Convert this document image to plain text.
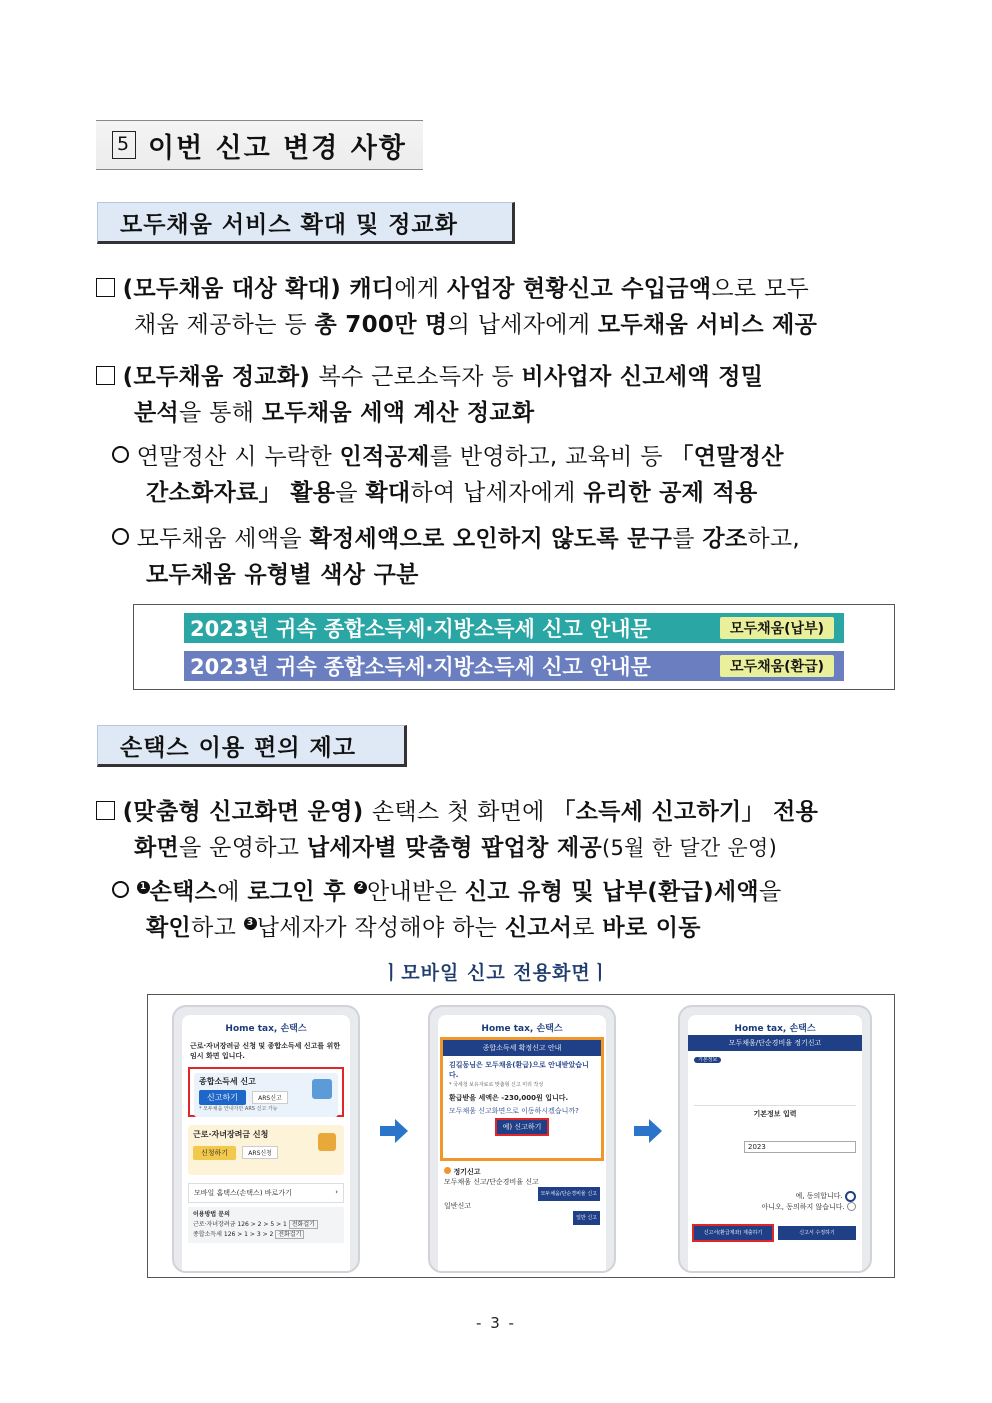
5 이번 신고 변경 사항
모두채움 서비스 확대 및 정교화
(모두채움 대상 확대) 캐디에게 사업장 현황신고 수입금액으로 모두
채움 제공하는 등 총 700만 명의 납세자에게 모두채움 서비스 제공
(모두채움 정교화) 복수 근로소득자 등 비사업자 신고세액 정밀
분석을 통해 모두채움 세액 계산 정교화
연말정산 시 누락한 인적공제를 반영하고, 교육비 등 「연말정산
간소화자료」 활용을 확대하여 납세자에게 유리한 공제 적용
모두채움 세액을 확정세액으로 오인하지 않도록 문구를 강조하고,
모두채움 유형별 색상 구분
2023년 귀속 종합소득세·지방소득세 신고 안내문	모두채움(납부)
2023년 귀속 종합소득세·지방소득세 신고 안내문	모두채움(환급)
손택스 이용 편의 제고
(맞춤형 신고화면 운영) 손택스 첫 화면에 「소득세 신고하기」 전용
화면을 운영하고 납세자별 맞춤형 팝업창 제공(5월 한 달간 운영)
1 손택스에 로그인 후 2 안내받은 신고 유형 및 납부(환급)세액을
확인하고 3 납세자가 작성해야 하는 신고서로 바로 이동
ㅣ모바일 신고 전용화면ㅣ
Home tax, 손택스
근로·자녀장려금 신청 및 종합소득세 신고를 위한 임시 화면 입니다.
종합소득세 신고
신고하기	ARS신고
* 모두채움 안내자만 ARS 신고 가능
근로·자녀장려금 신청
신청하기	ARS신청
모바일 홈택스(손택스) 바로가기	›
이용방법 문의
근로·자녀장려금 126 > 2 > 5 > 1 전화걸기
종합소득세 126 > 1 > 3 > 2 전화걸기
Home tax, 손택스
종합소득세 확정신고 안내
김길동님은 모두채움(환급)으로 안내받았습니다.
* 국세청 보유자료로 맞춤형 신고 미리 작성
환급받을 세액은 -230,000원 입니다.
모두채움 신고화면으로 이동하시겠습니까?
예) 신고하기
정기신고
모두채움 신고/단순경비율 신고
모두채움/단순경비율 신고
일반신고
일반 신고
Home tax, 손택스
모두채움/단순경비율 정기신고
기본정보
기본정보 입력
2023
예, 동의합니다.

아니오, 동의하지 않습니다.

신고서(환급계좌) 제출하기	신고서 수정하기
- 3 -
